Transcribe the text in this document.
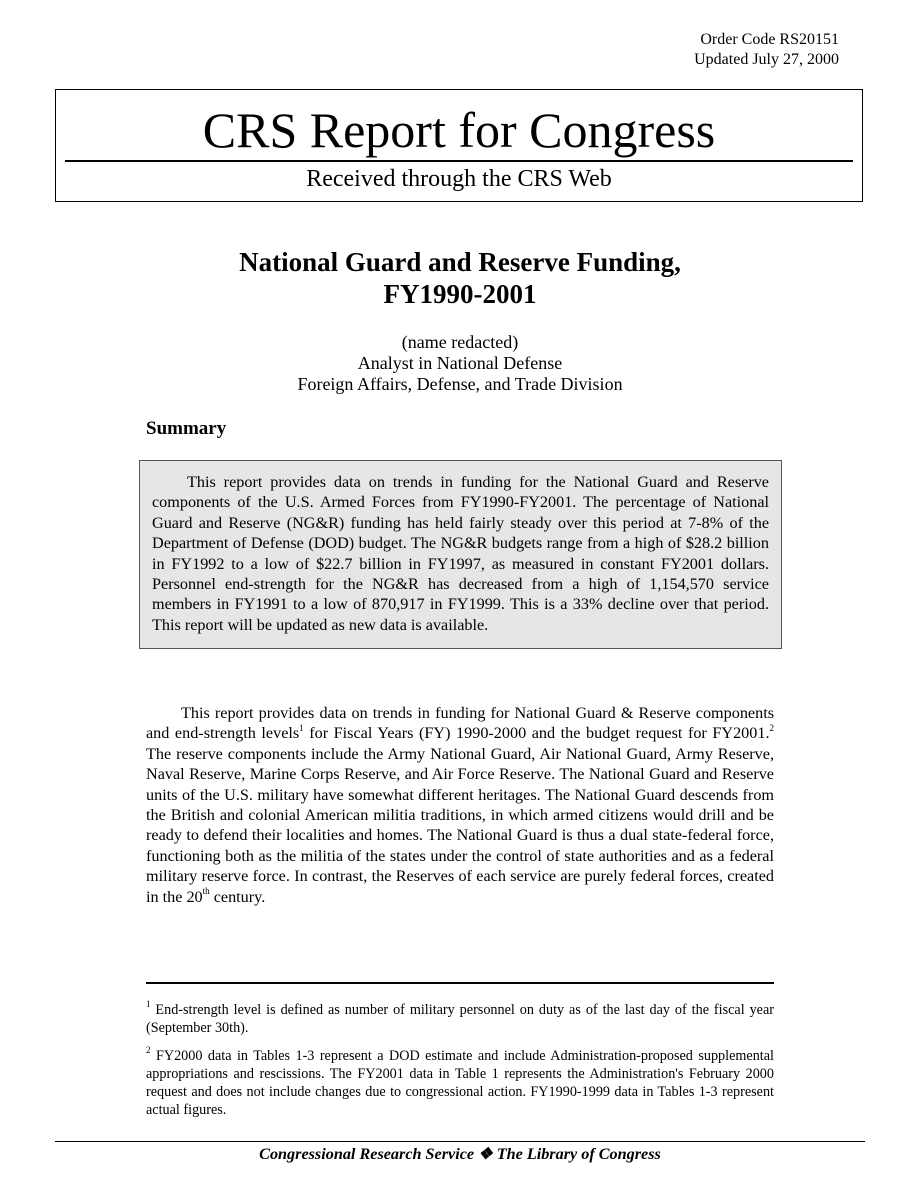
Order Code RS20151
Updated July 27, 2000
CRS Report for Congress
Received through the CRS Web
National Guard and Reserve Funding,
FY1990-2001
(name redacted)
Analyst in National Defense
Foreign Affairs, Defense, and Trade Division
Summary

This report provides data on trends in funding for the National Guard and Reserve components of the U.S. Armed Forces from FY1990-FY2001. The percentage of National Guard and Reserve (NG&R) funding has held fairly steady over this period at 7-8% of the Department of Defense (DOD) budget. The NG&R budgets range from a high of $28.2 billion in FY1992 to a low of $22.7 billion in FY1997, as measured in constant FY2001 dollars. Personnel end-strength for the NG&R has decreased from a high of 1,154,570 service members in FY1991 to a low of 870,917 in FY1999. This is a 33% decline over that period. This report will be updated as new data is available.

This report provides data on trends in funding for National Guard & Reserve components and end-strength levels$^1$ for Fiscal Years (FY) 1990-2000 and the budget request for FY2001.$^2$ The reserve components include the Army National Guard, Air National Guard, Army Reserve, Naval Reserve, Marine Corps Reserve, and Air Force Reserve. The National Guard and Reserve units of the U.S. military have somewhat different heritages. The National Guard descends from the British and colonial American militia traditions, in which armed citizens would drill and be ready to defend their localities and homes. The National Guard is thus a dual state-federal force, functioning both as the militia of the states under the control of state authorities and as a federal military reserve force. In contrast, the Reserves of each service are purely federal forces, created in the 20th century.

$^1$ End-strength level is defined as number of military personnel on duty as of the last day of the fiscal year (September 30th).

$^2$ FY2000 data in Tables 1-3 represent a DOD estimate and include Administration-proposed supplemental appropriations and rescissions. The FY2001 data in Table 1 represents the Administration's February 2000 request and does not include changes due to congressional action. FY1990-1999 data in Tables 1-3 represent actual figures.

Congressional Research Service ❖ The Library of Congress
